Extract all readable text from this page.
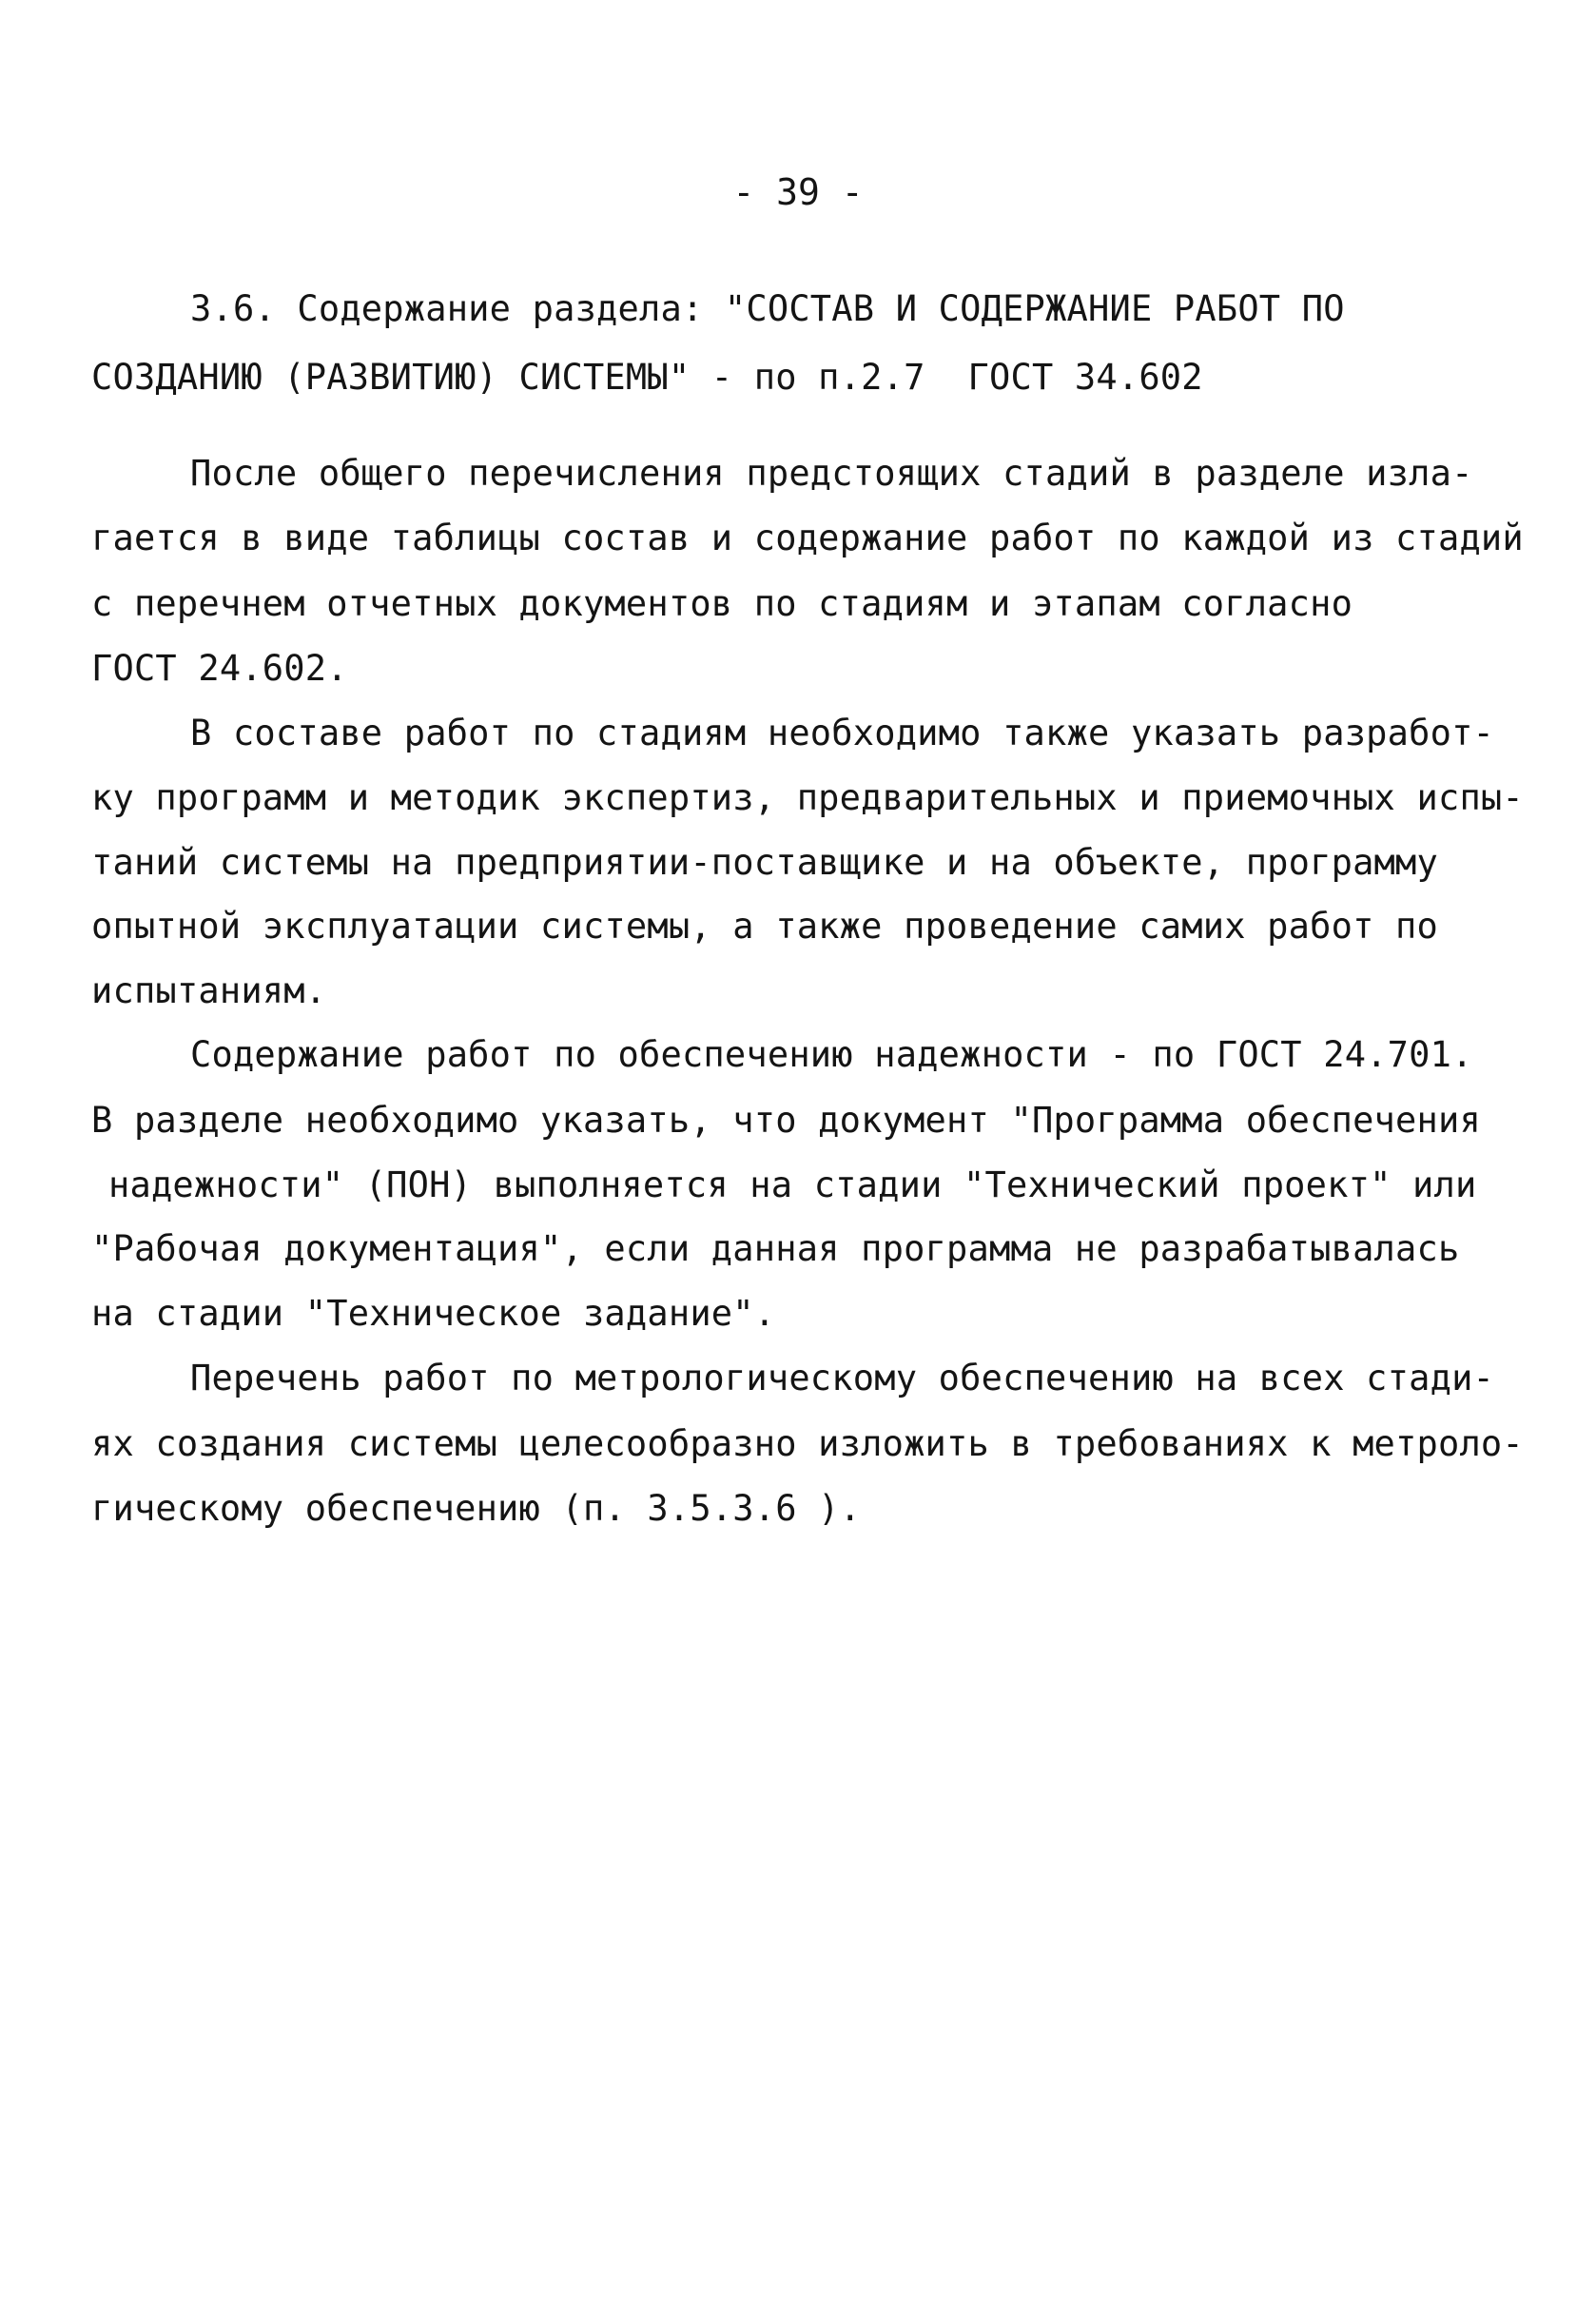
- 39 -
3.6. Содержание раздела: "СОСТАВ И СОДЕРЖАНИЕ РАБОТ ПО
СОЗДАНИЮ (РАЗВИТИЮ) СИСТЕМЫ" - по п.2.7  ГОСТ 34.602
После общего перечисления предстоящих стадий в разделе изла-
гается в виде таблицы состав и содержание работ по каждой из стадий
с перечнем отчетных документов по стадиям и этапам согласно
ГОСТ 24.602.
В составе работ по стадиям необходимо также указать разработ-
ку программ и методик экспертиз, предварительных и приемочных испы-
таний системы на предприятии-поставщике и на объекте, программу
опытной эксплуатации системы, а также проведение самих работ по
испытаниям.
Содержание работ по обеспечению надежности - по ГОСТ 24.701.
В разделе необходимо указать, что документ "Программа обеспечения
надежности" (ПОН) выполняется на стадии "Технический проект" или
"Рабочая документация", если данная программа не разрабатывалась
на стадии "Техническое задание".
Перечень работ по метрологическому обеспечению на всех стади-
ях создания системы целесообразно изложить в требованиях к метроло-
гическому обеспечению (п. 3.5.3.6 ).
